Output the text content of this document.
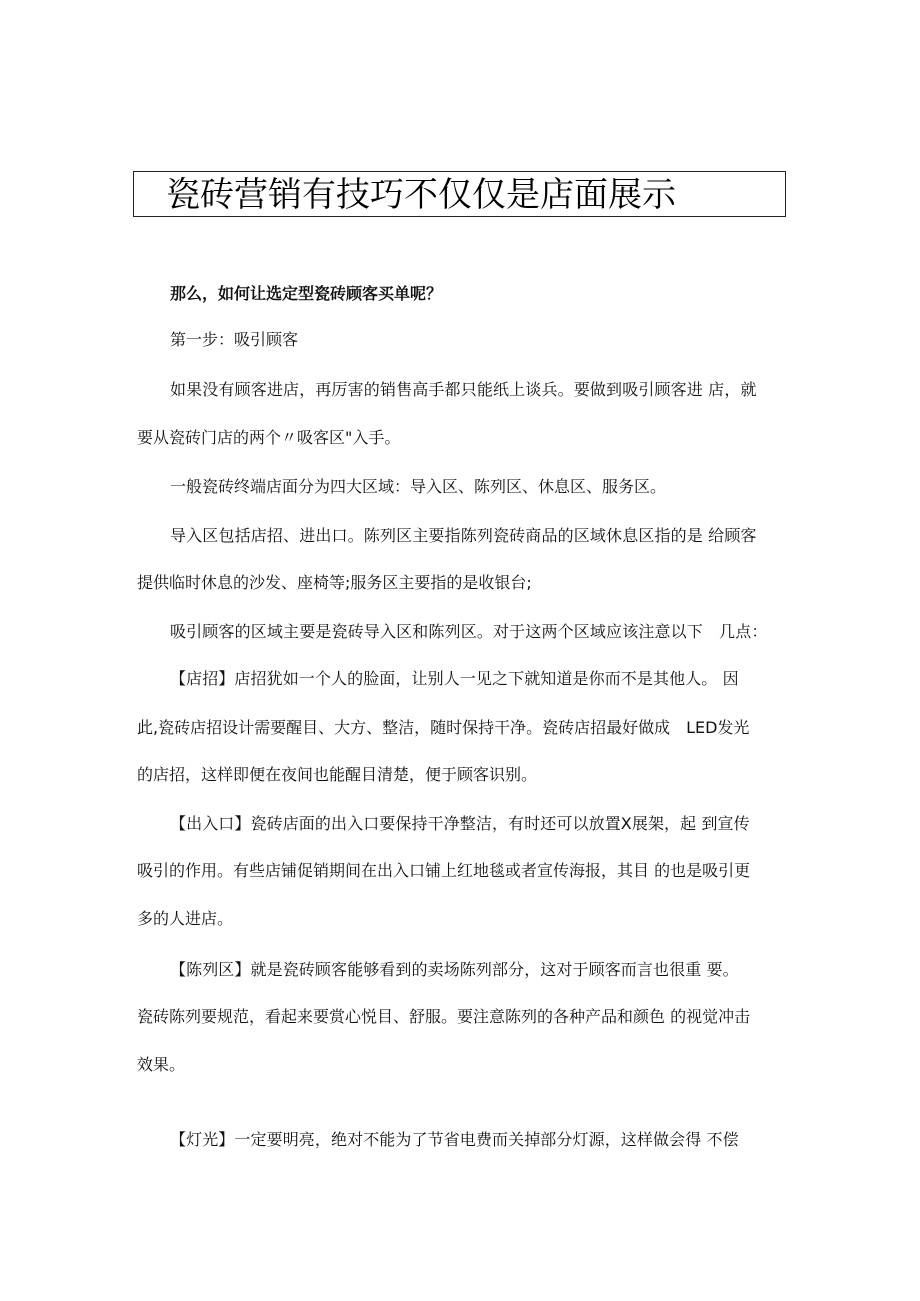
瓷砖营销有技巧不仅仅是店面展示
那么，如何让选定型瓷砖顾客买单呢？
第一步：吸引顾客
如果没有顾客进店，再厉害的销售高手都只能纸上谈兵。要做到吸引顾客进 店，就
要从瓷砖门店的两个〃吸客区"入手。
一般瓷砖终端店面分为四大区域：导入区、陈列区、休息区、服务区。
导入区包括店招、进出口。陈列区主要指陈列瓷砖商品的区域休息区指的是 给顾客
提供临时休息的沙发、座椅等;服务区主要指的是收银台;
吸引顾客的区域主要是瓷砖导入区和陈列区。对于这两个区域应该注意以下　几点：
【店招】店招犹如一个人的脸面，让别人一见之下就知道是你而不是其他人。 因
此,瓷砖店招设计需要醒目、大方、整洁，随时保持干净。瓷砖店招最好做成　LED发光
的店招，这样即便在夜间也能醒目清楚，便于顾客识别。
【出入口】瓷砖店面的出入口要保持干净整洁，有时还可以放置X展架，起 到宣传
吸引的作用。有些店铺促销期间在出入口铺上红地毯或者宣传海报，其目 的也是吸引更
多的人进店。
【陈列区】就是瓷砖顾客能够看到的卖场陈列部分，这对于顾客而言也很重 要。
瓷砖陈列要规范，看起来要赏心悦目、舒服。要注意陈列的各种产品和颜色 的视觉冲击
效果。
【灯光】一定要明亮，绝对不能为了节省电费而关掉部分灯源，这样做会得 不偿
